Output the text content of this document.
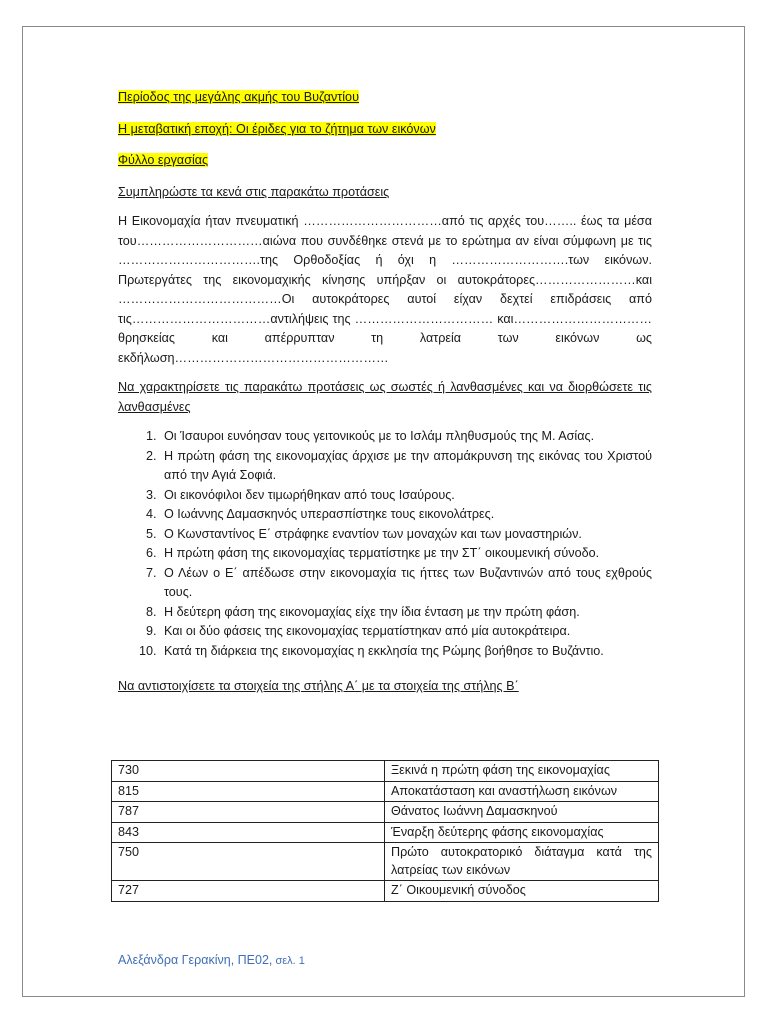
Περίοδος της μεγάλης ακμής του Βυζαντίου
Η μεταβατική εποχή: Οι έριδες για το ζήτημα των εικόνων
Φύλλο εργασίας
Συμπληρώστε τα κενά στις παρακάτω προτάσεις

Η Εικονομαχία ήταν πνευματική ……………………………από τις αρχές του…….. έως τα μέσα του…………………………αιώνα που συνδέθηκε στενά με το ερώτημα αν είναι σύμφωνη με τις …………………………….της Ορθοδοξίας ή όχι η ……………………….των εικόνων. Πρωτεργάτες της εικονομαχικής κίνησης υπήρξαν οι αυτοκράτορες……………………και …………………………………Οι αυτοκράτορες αυτοί είχαν δεχτεί επιδράσεις από τις……………………………αντιλήψεις της …………………………… και……………………………θρησκείας και απέρρυπταν τη λατρεία των εικόνων ως εκδήλωση……………………………………………

Να χαρακτηρίσετε τις παρακάτω προτάσεις ως σωστές ή λανθασμένες και να διορθώσετε τις λανθασμένες
1. Οι Ίσαυροι ευνόησαν τους γειτονικούς με το Ισλάμ πληθυσμούς της Μ. Ασίας.
2. Η πρώτη φάση της εικονομαχίας άρχισε με την απομάκρυνση της εικόνας του Χριστού από την Αγιά Σοφιά.
3. Οι εικονόφιλοι δεν τιμωρήθηκαν από τους Ισαύρους.
4. Ο Ιωάννης Δαμασκηνός υπερασπίστηκε τους εικονολάτρες.
5. Ο Κωνσταντίνος Ε΄ στράφηκε εναντίον των μοναχών και των μοναστηριών.
6. Η πρώτη φάση της εικονομαχίας τερματίστηκε με την ΣΤ΄ οικουμενική σύνοδο.
7. Ο Λέων ο Ε΄ απέδωσε στην εικονομαχία τις ήττες των Βυζαντινών από τους εχθρούς τους.
8. Η δεύτερη φάση της εικονομαχίας είχε την ίδια ένταση με την πρώτη φάση.
9. Και οι δύο φάσεις της εικονομαχίας τερματίστηκαν από μία αυτοκράτειρα.
10. Κατά τη διάρκεια της εικονομαχίας η εκκλησία της Ρώμης βοήθησε το Βυζάντιο.
Να αντιστοιχίσετε τα στοιχεία της στήλης Α΄ με τα στοιχεία της στήλης Β΄
730	Ξεκινά η πρώτη φάση της εικονομαχίας
815	Αποκατάσταση και αναστήλωση εικόνων
787	Θάνατος Ιωάννη Δαμασκηνού
843	Έναρξη δεύτερης φάσης εικονομαχίας
750	Πρώτο αυτοκρατορικό διάταγμα κατά της λατρείας των εικόνων
727	Ζ΄ Οικουμενική σύνοδος
Αλεξάνδρα Γερακίνη, ΠΕ02, σελ. 1
